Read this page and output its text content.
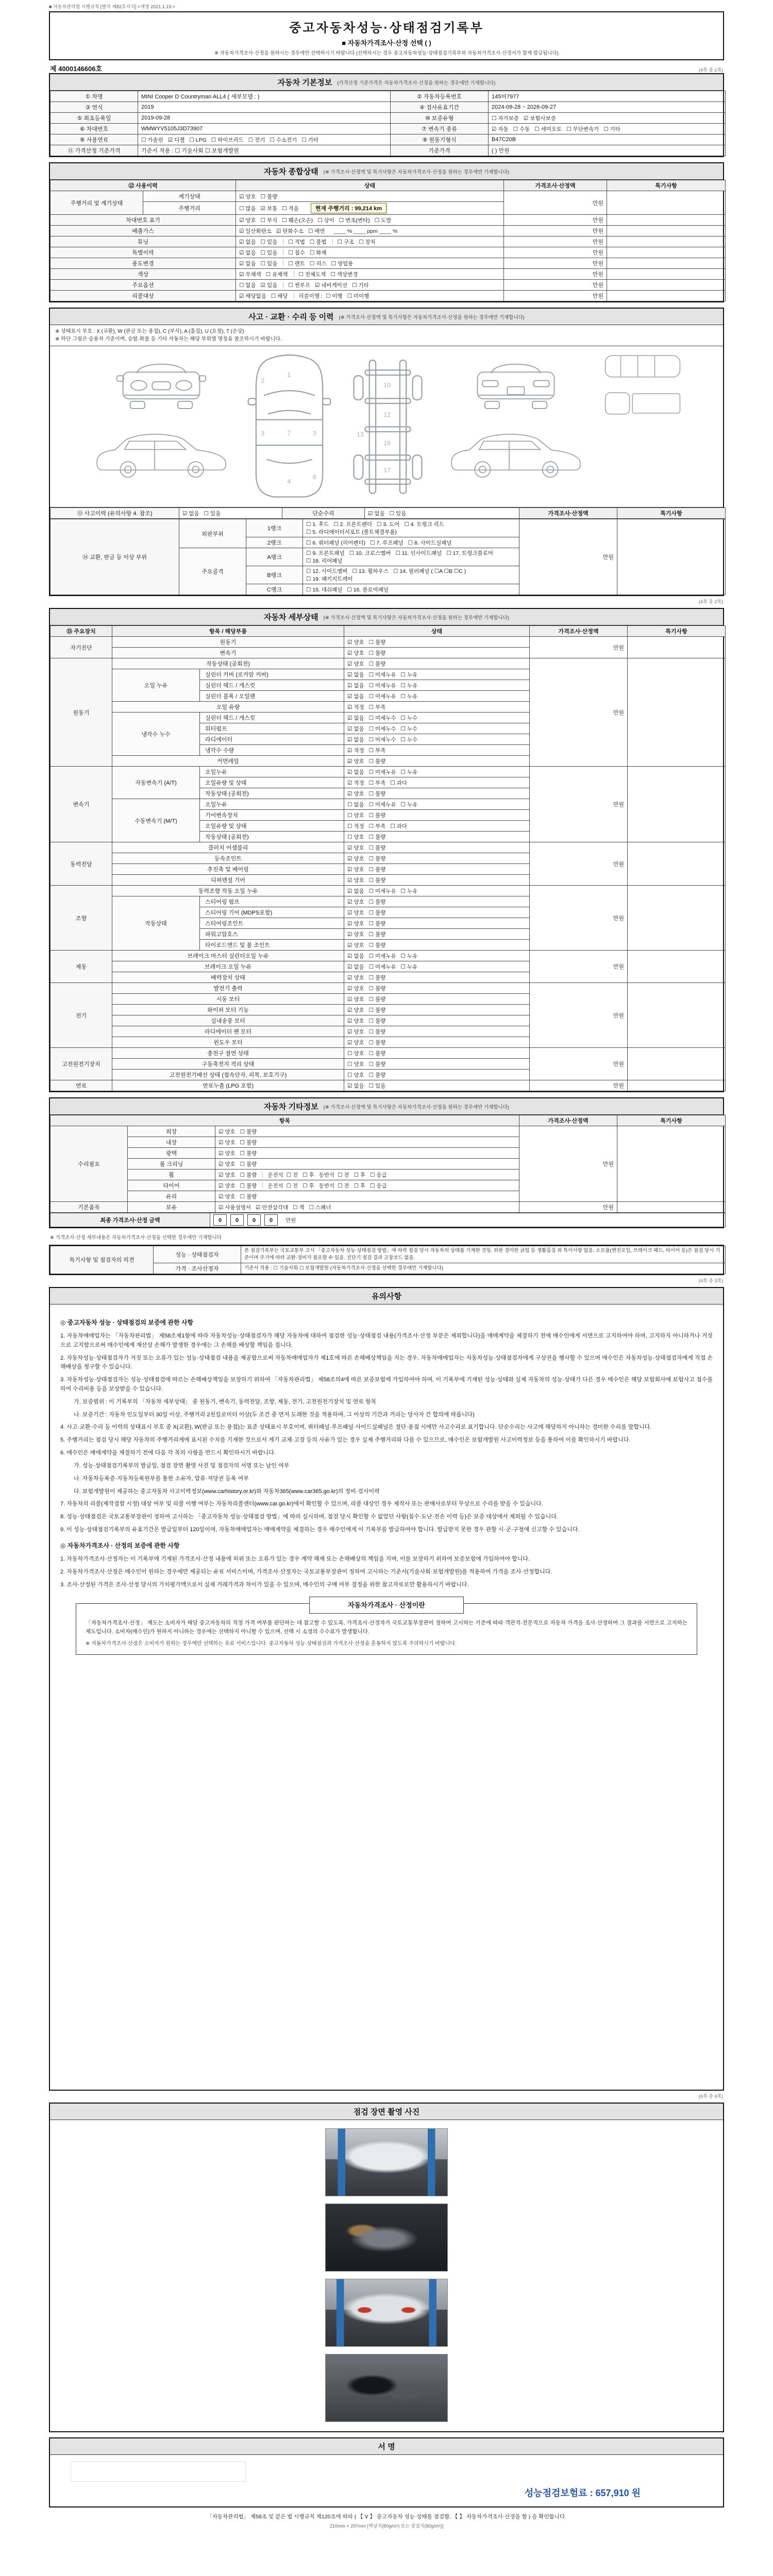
■ 자동차관리법 시행규칙 [별지 제82호서식] <개정 2021.1.19.>
중고자동차성능·상태점검기록부
■ 자동차가격조사·산정 선택 ( )
※ 자동차가격조사·산정을 원하시는 경우에만 선택하시기 바랍니다 (선택하시는 경우 중고자동차성능·상태점검기록부와 자동차가격조사·산정서가 함께 발급됩니다)
제 4000146606호	(4쪽 중 1쪽)
자동차 기본정보 (가격산정 기준가격은 자동차가격조사·산정을 원하는 경우에만 기재합니다)
① 차명	MINI Cooper D Countryman ALL4 ( 세부모델 : )	② 자동차등록번호	145머7977
③ 연식	2019	④ 검사유효기간	2024-09-28 ~ 2026-09-27
⑤ 최초등록일	2019-09-28	⑩ 보증유형	☐ 자가보증 ☑ 보험사보증
⑥ 차대번호	WMWYV5105J3D73907	⑦ 변속기 종류	☑ 자동 ☐ 수동 ☐ 세미오토 ☐ 무단변속기 ☐ 기타
⑧ 사용연료	☐ 가솔린 ☑ 디젤 ☐ LPG ☐ 하이브리드 ☐ 전기 ☐ 수소전기 ☐ 기타	⑨ 원동기형식	B47C20B
⑪ 가격산정 기준가격	기준서 적용 : ☐ 기술사회 ☐ 보험개발원	기준가격	( ) 만원
자동차 종합상태 (※ 가격조사·산정액 및 특기사항은 자동차가격조사·산정을 원하는 경우에만 기재합니다)
⑫ 사용이력		상태	가격조사·산정액	특기사항
주행거리 및 계기상태	계기상태	☑ 양호 ☐ 불량	만원	
	주행거리	☐ 많음 ☑ 보통 ☐ 적음 현재 주행거리 : 99,214 km		
차대번호 표기		☑ 양호 ☐ 부식 ☐ 훼손(오손) ☐ 상이 ☐ 변조(변타) ☐ 도말	만원	
배출가스		☑ 일산화탄소 ☑ 탄화수소 ☐ 매연 ____ % ____ ppm ____ %	만원	
튜닝		☑ 없음 ☐ 있음 ☐ 적법 ☐ 불법 ☐ 구조 ☐ 장치	만원	
특별이력		☑ 없음 ☐ 있음 ☐ 침수 ☐ 화재	만원	
용도변경		☑ 없음 ☐ 있음 ☐ 렌트 ☐ 리스 ☐ 영업용	만원	
색상		☑ 무채색 ☐ 유채색 ☐ 전체도색 ☐ 색상변경	만원	
주요옵션		☐ 없음 ☑ 있음 ☐ 썬루프 ☑ 네비게이션 ☐ 기타	만원	
리콜대상		☑ 해당없음 ☐ 해당 리콜이행 : ☐ 이행 ☐ 미이행	만원	
사고 · 교환 · 수리 등 이력 (※ 가격조사·산정액 및 특기사항은 자동차가격조사·산정을 원하는 경우에만 기재합니다)
※ 상태표시 부호 : X (교환), W (판금 또는 용접), C (부식), A (흠집), U (요철), T (손상)
※ 하단 그림은 승용차 기준이며, 승합·화물 등 기타 자동차는 해당 부위별 명칭을 참조하시기 바랍니다.
1
7
4
3	3
2
6
10
12
16
17
13
⑬ 사고이력 (유의사항 4. 참조)	☑ 없음 ☐ 있음	단순수리	☑ 없음 ☐ 있음	가격조사·산정액	특기사항
⑭ 교환, 판금 등 이상 부위	외판부위	1랭크	☐ 1. 후드 ☐ 2. 프론트펜더 ☐ 3. 도어 ☐ 4. 트렁크 리드☐ 5. 라디에이터서포트 (볼트체결부품)	만원	
		2랭크	☐ 6. 쿼터패널 (리어펜더) ☐ 7. 루프패널 ☐ 8. 사이드실패널		
	주요골격	A랭크	☐ 9. 프론트패널 ☐ 10. 크로스멤버 ☐ 11. 인사이드패널 ☐ 17. 트렁크플로어☐ 18. 리어패널		
		B랭크	☐ 12. 사이드멤버 ☐ 13. 휠하우스 ☐ 14. 필러패널 ( ☐A ☐B ☐C )☐ 19. 패키지트레이		
		C랭크	☐ 15. 대쉬패널 ☐ 16. 플로어패널		
(4쪽 중 2쪽)
자동차 세부상태 (※ 가격조사·산정액 및 특기사항은 자동차가격조사·산정을 원하는 경우에만 기재합니다)
⑮ 주요장치	항목 / 해당부품		상태	가격조사·산정액	특기사항
자기진단	원동기		☑ 양호 ☐ 불량	만원	
	변속기		☑ 양호 ☐ 불량		
원동기	작동상태 (공회전)		☑ 양호 ☐ 불량	만원	
	오일 누유	실린더 커버 (로커암 커버)	☑ 없음 ☐ 미세누유 ☐ 누유		
		실린더 헤드 / 개스킷	☑ 없음 ☐ 미세누유 ☐ 누유		
		실린더 블록 / 오일팬	☑ 없음 ☐ 미세누유 ☐ 누유		
	오일 유량		☑ 적정 ☐ 부족		
	냉각수 누수	실린더 헤드 / 개스킷	☑ 없음 ☐ 미세누수 ☐ 누수		
		워터펌프	☑ 없음 ☐ 미세누수 ☐ 누수		
		라디에이터	☑ 없음 ☐ 미세누수 ☐ 누수		
		냉각수 수량	☑ 적정 ☐ 부족		
	커먼레일		☑ 양호 ☐ 불량		
변속기	자동변속기 (A/T)	오일누유	☑ 없음 ☐ 미세누유 ☐ 누유	만원	
		오일유량 및 상태	☑ 적정 ☐ 부족 ☐ 과다		
		작동상태 (공회전)	☑ 양호 ☐ 불량		
	수동변속기 (M/T)	오일누유	☐ 없음 ☐ 미세누유 ☐ 누유		
		기어변속장치	☐ 양호 ☐ 불량		
		오일유량 및 상태	☐ 적정 ☐ 부족 ☐ 과다		
		작동상태 (공회전)	☐ 양호 ☐ 불량		
동력전달	클러치 어셈블리		☑ 양호 ☐ 불량	만원	
	등속조인트		☑ 양호 ☐ 불량		
	추진축 및 베어링		☑ 양호 ☐ 불량		
	디퍼렌셜 기어		☑ 양호 ☐ 불량		
조향	동력조향 작동 오일 누유		☑ 없음 ☐ 미세누유 ☐ 누유	만원	
	작동상태	스티어링 펌프	☑ 양호 ☐ 불량		
		스티어링 기어 (MDPS포함)	☑ 양호 ☐ 불량		
		스티어링조인트	☑ 양호 ☐ 불량		
		파워고압호스	☑ 양호 ☐ 불량		
		타이로드엔드 및 볼 조인트	☑ 양호 ☐ 불량		
제동	브레이크 마스터 실린더오일 누유		☑ 없음 ☐ 미세누유 ☐ 누유	만원	
	브레이크 오일 누유		☑ 없음 ☐ 미세누유 ☐ 누유		
	배력장치 상태		☑ 양호 ☐ 불량		
전기	발전기 출력		☑ 양호 ☐ 불량	만원	
	시동 모터		☑ 양호 ☐ 불량		
	와이퍼 모터 기능		☑ 양호 ☐ 불량		
	실내송풍 모터		☑ 양호 ☐ 불량		
	라디에이터 팬 모터		☑ 양호 ☐ 불량		
	윈도우 모터		☑ 양호 ☐ 불량		
고전원전기장치	충전구 절연 상태		☐ 양호 ☐ 불량	만원	
	구동축전지 격리 상태		☐ 양호 ☐ 불량		
	고전원전기배선 상태 (접속단자, 피복, 보호기구)		☐ 양호 ☐ 불량		
연료	연료누출 (LPG 포함)		☑ 없음 ☐ 있음	만원	
자동차 기타정보 (※ 가격조사·산정액 및 특기사항은 자동차가격조사·산정을 원하는 경우에만 기재합니다)
항목			가격조사·산정액	특기사항
수리필요	외장	☑ 양호 ☐ 불량	만원	
	내장	☑ 양호 ☐ 불량		
	광택	☑ 양호 ☐ 불량		
	룸 크리닝	☑ 양호 ☐ 불량		
	휠	☑ 양호 ☐ 불량 운전석 ☐ 전 ☐ 후 동반석 ☐ 전 ☐ 후 ☐ 응급		
	타이어	☑ 양호 ☐ 불량 운전석 ☐ 전 ☐ 후 동반석 ☐ 전 ☐ 후 ☐ 응급		
	유리	☑ 양호 ☐ 불량		
기본품목	보유	☑ 사용설명서 ☑ 안전삼각대 ☐ 잭 ☐ 스패너	만원	
최종 가격조사·산정 금액	0 0 0 0 만원
※ 가격조사·산정 세부내용은 자동차가격조사·산정을 선택한 경우에만 기재합니다
특기사항 및 점검자의 의견	성능 · 상태점검자	본 점검기록부는 국토교통부 고시 「중고자동차 성능·상태점검 방법」에 따라 점검 당시 자동차의 상태를 기재한 것임. 외판 경미한 긁힘 등 생활흠집 외 특이사항 없음. 소모품(엔진오일, 브레이크 패드, 타이어 등)은 점검 당시 기준이며 주기에 따라 교환·정비가 필요할 수 있음. 진단기 점검 결과 고장코드 없음.
	가격 · 조사산정자	기준서 적용 : ☐ 기술사회 ☐ 보험개발원 (자동차가격조사·산정을 선택한 경우에만 기재합니다)
(4쪽 중 3쪽)
유의사항
◎ 중고자동차 성능 · 상태점검의 보증에 관한 사항

1. 자동차매매업자는 「자동차관리법」 제58조제1항에 따라 자동차성능·상태점검자가 해당 자동차에 대하여 점검한 성능·상태점검 내용(가격조사·산정 부분은 제외합니다)을 매매계약을 체결하기 전에 매수인에게 서면으로 고지하여야 하며, 고지하지 아니하거나 거짓으로 고지함으로써 매수인에게 재산상 손해가 발생한 경우에는 그 손해를 배상할 책임을 집니다.

2. 자동차성능·상태점검자가 거짓 또는 오류가 있는 성능·상태점검 내용을 제공함으로써 자동차매매업자가 제1호에 따른 손해배상책임을 지는 경우, 자동차매매업자는 자동차성능·상태점검자에게 구상권을 행사할 수 있으며 매수인은 자동차성능·상태점검자에게 직접 손해배상을 청구할 수 있습니다.

3. 자동차성능·상태점검자는 성능·상태점검에 따르는 손해배상책임을 보장하기 위하여 「자동차관리법」 제58조의4에 따른 보증보험에 가입하여야 하며, 이 기록부에 기재된 성능·상태와 실제 자동차의 성능·상태가 다른 경우 매수인은 해당 보험회사에 보험사고 접수를 하여 수리비용 등을 보상받을 수 있습니다.

가. 보증범위 : 이 기록부의 「자동차 세부상태」 중 원동기, 변속기, 동력전달, 조향, 제동, 전기, 고전원전기장치 및 연료 항목

나. 보증기간 : 자동차 인도일부터 30일 이상, 주행거리 2천킬로미터 이상(두 조건 중 먼저 도래한 것을 적용하며, 그 이상의 기간과 거리는 당사자 간 합의에 따릅니다)

4. 사고·교환·수리 등 이력의 상태표시 부호 중 X(교환), W(판금 또는 용접)는 표준 상태표시 부호이며, 쿼터패널·루프패널·사이드실패널은 절단·용접 시에만 사고수리로 표기합니다. 단순수리는 사고에 해당하지 아니하는 경미한 수리를 말합니다.

5. 주행거리는 점검 당시 해당 자동차의 주행거리계에 표시된 수치를 기재한 것으로서 계기 교체·고장 등의 사유가 있는 경우 실제 주행거리와 다를 수 있으므로, 매수인은 보험개발원 사고이력정보 등을 통하여 이를 확인하시기 바랍니다.

6. 매수인은 매매계약을 체결하기 전에 다음 각 목의 사항을 반드시 확인하시기 바랍니다.

가. 성능·상태점검기록부의 발급일, 점검 장면 촬영 사진 및 점검자의 서명 또는 날인 여부

나. 자동차등록증·자동차등록원부를 통한 소유자, 압류·저당권 등록 여부

다. 보험개발원이 제공하는 중고자동차 사고이력정보(www.carhistory.or.kr)와 자동차365(www.car365.go.kr)의 정비·검사이력

7. 자동차의 리콜(제작결함 시정) 대상 여부 및 리콜 이행 여부는 자동차리콜센터(www.car.go.kr)에서 확인할 수 있으며, 리콜 대상인 경우 제작사 또는 판매사로부터 무상으로 수리를 받을 수 있습니다.

8. 성능·상태점검은 국토교통부장관이 정하여 고시하는 「중고자동차 성능·상태점검 방법」에 따라 실시하며, 점검 당시 확인할 수 없었던 사항(침수·도난·전손 이력 등)은 보증 대상에서 제외될 수 있습니다.

9. 이 성능·상태점검기록부의 유효기간은 발급일부터 120일이며, 자동차매매업자는 매매계약을 체결하는 경우 매수인에게 이 기록부를 발급하여야 합니다. 발급받지 못한 경우 관할 시·군·구청에 신고할 수 있습니다.

◎ 자동차가격조사 · 산정의 보증에 관한 사항

1. 자동차가격조사·산정자는 이 기록부에 기재된 가격조사·산정 내용에 허위 또는 오류가 있는 경우 계약 해제 또는 손해배상의 책임을 지며, 이를 보장하기 위하여 보증보험에 가입하여야 합니다.

2. 자동차가격조사·산정은 매수인이 원하는 경우에만 제공되는 유료 서비스이며, 가격조사·산정자는 국토교통부장관이 정하여 고시하는 기준서(기술사회·보험개발원)를 적용하여 가격을 조사·산정합니다.

3. 조사·산정된 가격은 조사·산정 당시의 가치평가액으로서 실제 거래가격과 차이가 있을 수 있으며, 매수인의 구매 여부 결정을 위한 참고자료로만 활용하시기 바랍니다.

자동차가격조사 · 산정이란
「자동차가격조사·산정」 제도는 소비자가 해당 중고자동차의 적정 가격 여부를 판단하는 데 참고할 수 있도록, 가격조사·산정자가 국토교통부장관이 정하여 고시하는 기준에 따라 객관적·전문적으로 자동차 가격을 조사·산정하여 그 결과를 서면으로 고지하는 제도입니다. 소비자(매수인)가 원하지 아니하는 경우에는 선택하지 아니할 수 있으며, 선택 시 소정의 수수료가 발생합니다.
※ 자동차가격조사·산정은 소비자가 원하는 경우에만 선택하는 유료 서비스입니다. 중고자동차 성능·상태점검과 가격조사·산정을 혼동하지 않도록 주의하시기 바랍니다.
(4쪽 중 4쪽)
점검 장면 촬영 사진
서 명
성능점검보험료 : 657,910 원
「자동차관리법」 제58조 및 같은 법 시행규칙 제120조에 따라 ( 【 V 】 중고자동차 성능·상태를 점검함, 【 】 자동차가격조사·산정을 함 ) 을 확인합니다.
210mm × 297mm [백상지(80g/m²) 또는 중질지(80g/m²)]
